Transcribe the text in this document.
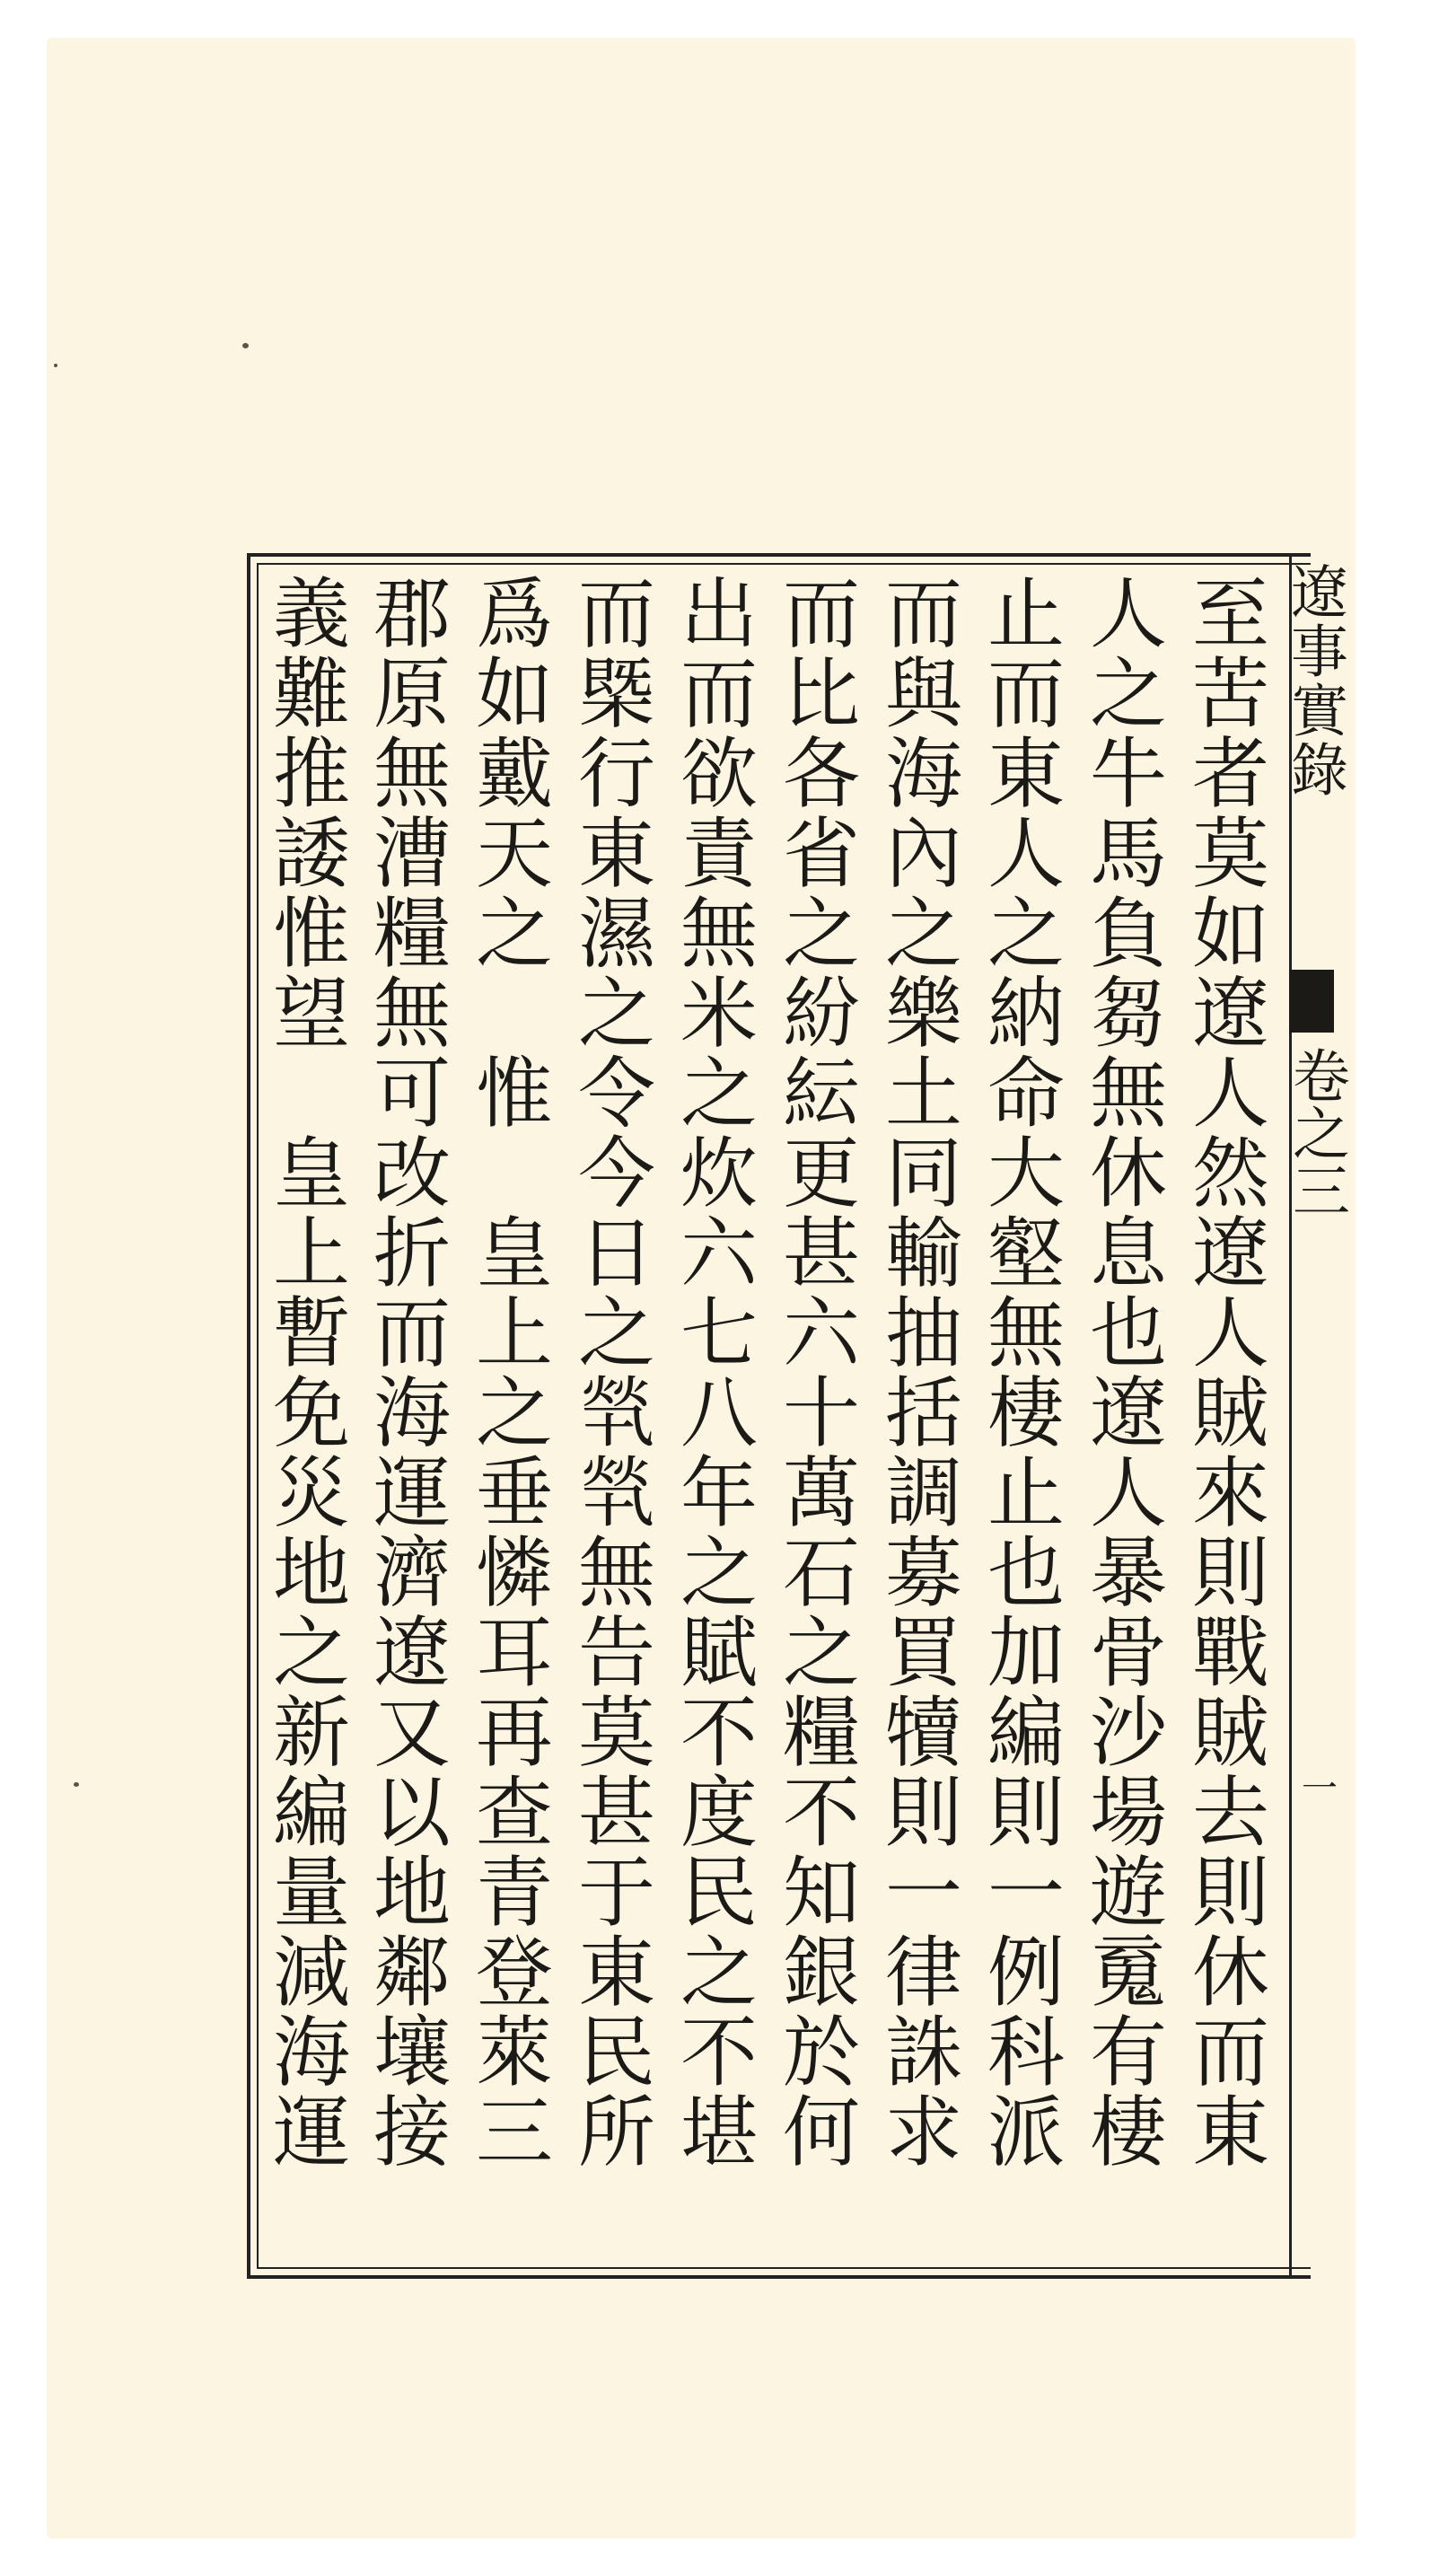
遼事實錄
卷之三
一
至苦者莫如遼人然遼人賊來則戰賊去則休而東
人之牛馬負芻無休息也遼人暴骨沙場遊䰟有棲
止而東人之納命大壑無棲止也加編則一例科派
而與海內之樂土同輸抽括調募買犢則一律誅求
而比各省之紛紜更甚六十萬石之糧不知銀於何
出而欲責無米之炊六七八年之賦不度民之不堪
而槩行東濕之令今日之㷀㷀無告莫甚于東民所
爲如戴天之　惟　皇上之垂憐耳再查青登萊三
郡原無漕糧無可改折而海運濟遼又以地鄰壤接
義難推諉惟望　皇上暫免災地之新編量減海運
